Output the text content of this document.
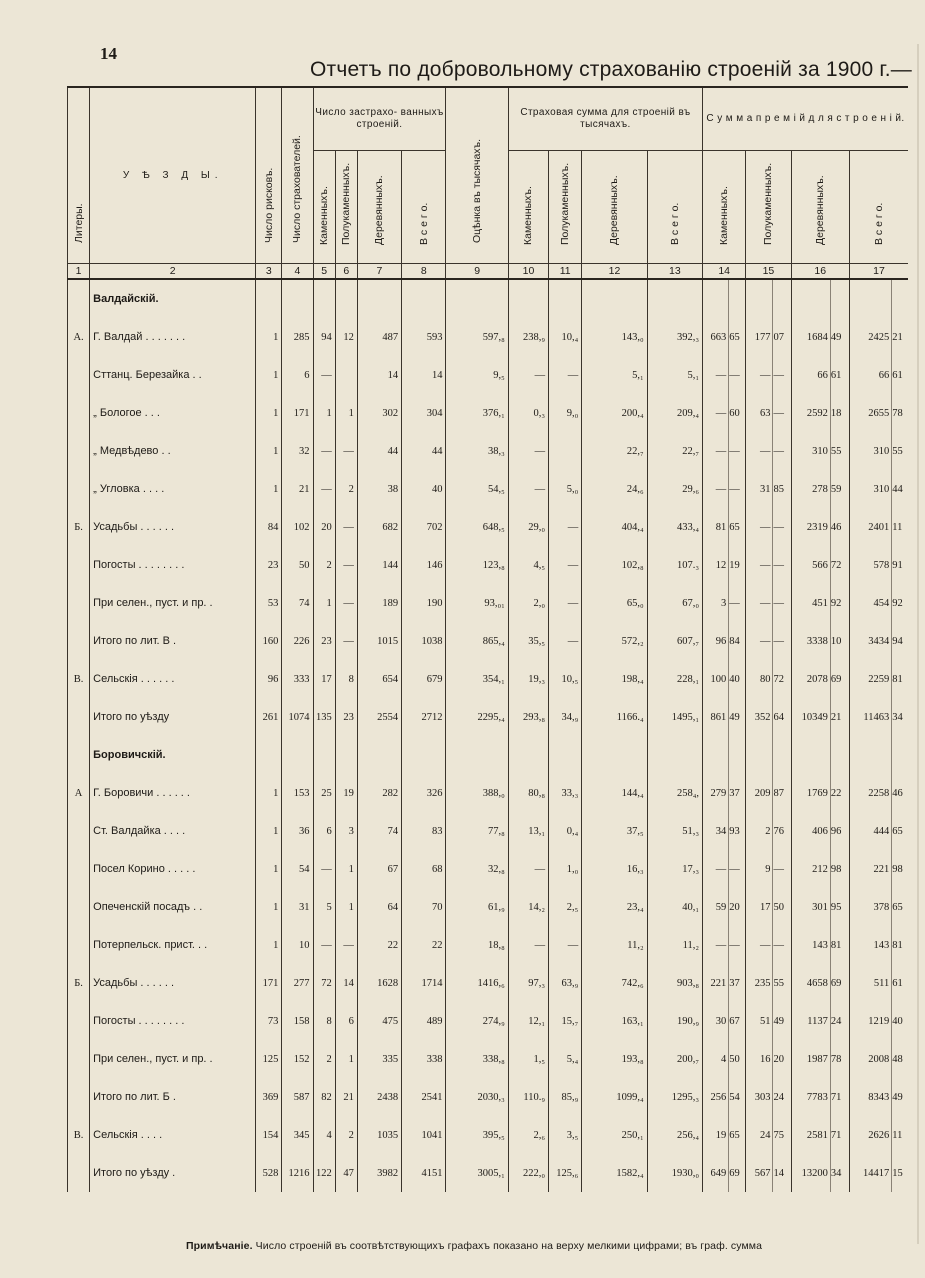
14
Отчетъ по добровольному страхованію строеній за 1900 г.—
Литеры.	У Ѣ З Д Ы.	Число рисковъ.	Число страхователей.	Число застрахо- ванныхъ строеній.				Оцѣнка въ тысячахъ.	Страховая сумма для строеній въ тысячахъ.				С у м м а п р е м і й д л я с т р о е н і й.							

				Каменныхъ.	Полукаменныхъ.	Деревянныхъ.	В с е г о.		Каменныхъ.	Полукаменныхъ.	Деревянныхъ.	В с е г о.	Каменныхъ.		Полукаменныхъ.		Деревянныхъ.		В с е г о.	

1	2	3	4	5	6	7	8	9	10	11	12	13	14		15		16		17	
	Валдайскій.																			
А.	Г. Валдай . . . . . . .	1	285	94	12	487	593	597,₈	238,₉	10,₄	143,₀	392,₃	663	65	177	07	1684	49	2425	21
	Сттанц. Березайка . .	1	6	—		14	14	9,₅	—	—	5,₁	5,₁	—	—	—	—	66	61	66	61
	„ Бологое . . .	1	171	1	1	302	304	376,₁	0,₃	9,₀	200,₄	209,₄	—	60	63	—	2592	18	2655	78
	„ Медвѣдево . .	1	32	—	—	44	44	38,₃	—		22,₇	22,₇	—	—	—	—	310	55	310	55
	„ Угловка . . . .	1	21	—	2	38	40	54,₅	—	5,₀	24,₆	29,₆	—	—	31	85	278	59	310	44
Б.	Усадьбы . . . . . .	84	102	20	—	682	702	648,₅	29,₀	—	404,₄	433,₄	81	65	—	—	2319	46	2401	11
	Погосты . . . . . . . .	23	50	2	—	144	146	123,₈	4,₅	—	102,₈	107.₃	12	19	—	—	566	72	578	91
	При селен., пуст. и пр. .	53	74	1	—	189	190	93,₀₁	2,₀	—	65,₀	67,₀	3	—	—	—	451	92	454	92
	Итого по лит. В .	160	226	23	—	1015	1038	865,₄	35,₅	—	572,₂	607,₇	96	84	—	—	3338	10	3434	94
В.	Сельскія . . . . . .	96	333	17	8	654	679	354,₁	19,₃	10,₅	198,₄	228,₁	100	40	80	72	2078	69	2259	81
	Итого по уѣзду	261	1074	135	23	2554	2712	2295,₄	293,₈	34,₉	1166.₄	1495,₁	861	49	352	64	10349	21	11463	34
	Боровичскій.																			
А	Г. Боровичи . . . . . .	1	153	25	19	282	326	388,₀	80,₈	33,₃	144,₄	258₄,	279	37	209	87	1769	22	2258	46
	Ст. Валдайка . . . .	1	36	6	3	74	83	77,₈	13,₁	0,₄	37,₅	51,₃	34	93	2	76	406	96	444	65
	Посел Корино . . . . .	1	54	—	1	67	68	32,₈	—	1,₀	16,₃	17,₃	—	—	9	—	212	98	221	98
	Опеченскій посадъ . .	1	31	5	1	64	70	61,₉	14,₂	2,₅	23,₄	40,₁	59	20	17	50	301	95	378	65
	Потерпельск. прист. . .	1	10	—	—	22	22	18,₈	—	—	11,₂	11,₂	—	—	—	—	143	81	143	81
Б.	Усадьбы . . . . . .	171	277	72	14	1628	1714	1416,₆	97,₃	63,₉	742,₆	903,₈	221	37	235	55	4658	69	511	61
	Погосты . . . . . . . .	73	158	8	6	475	489	274,₉	12,₁	15,₇	163,₁	190,₉	30	67	51	49	1137	24	1219	40
	При селен., пуст. и пр. .	125	152	2	1	335	338	338,₈	1,₅	5,₄	193,₈	200,₇	4	50	16	20	1987	78	2008	48
	Итого по лит. Б .	369	587	82	21	2438	2541	2030,₃	110.₉	85,₉	1099,₄	1295,₃	256	54	303	24	7783	71	8343	49
В.	Сельскія . . . .	154	345	4	2	1035	1041	395,₅	2,₆	3,₅	250,₁	256,₄	19	65	24	75	2581	71	2626	11
	Итого по уѣзду .	528	1216	122	47	3982	4151	3005,₁	222,₀	125,₆	1582,₄	1930,₀	649	69	567	14	13200	34	14417	15
Примѣчаніе. Число строеній въ соотвѣтствующихъ графахъ показано на верху мелкими цифрами; въ граф. сумма
